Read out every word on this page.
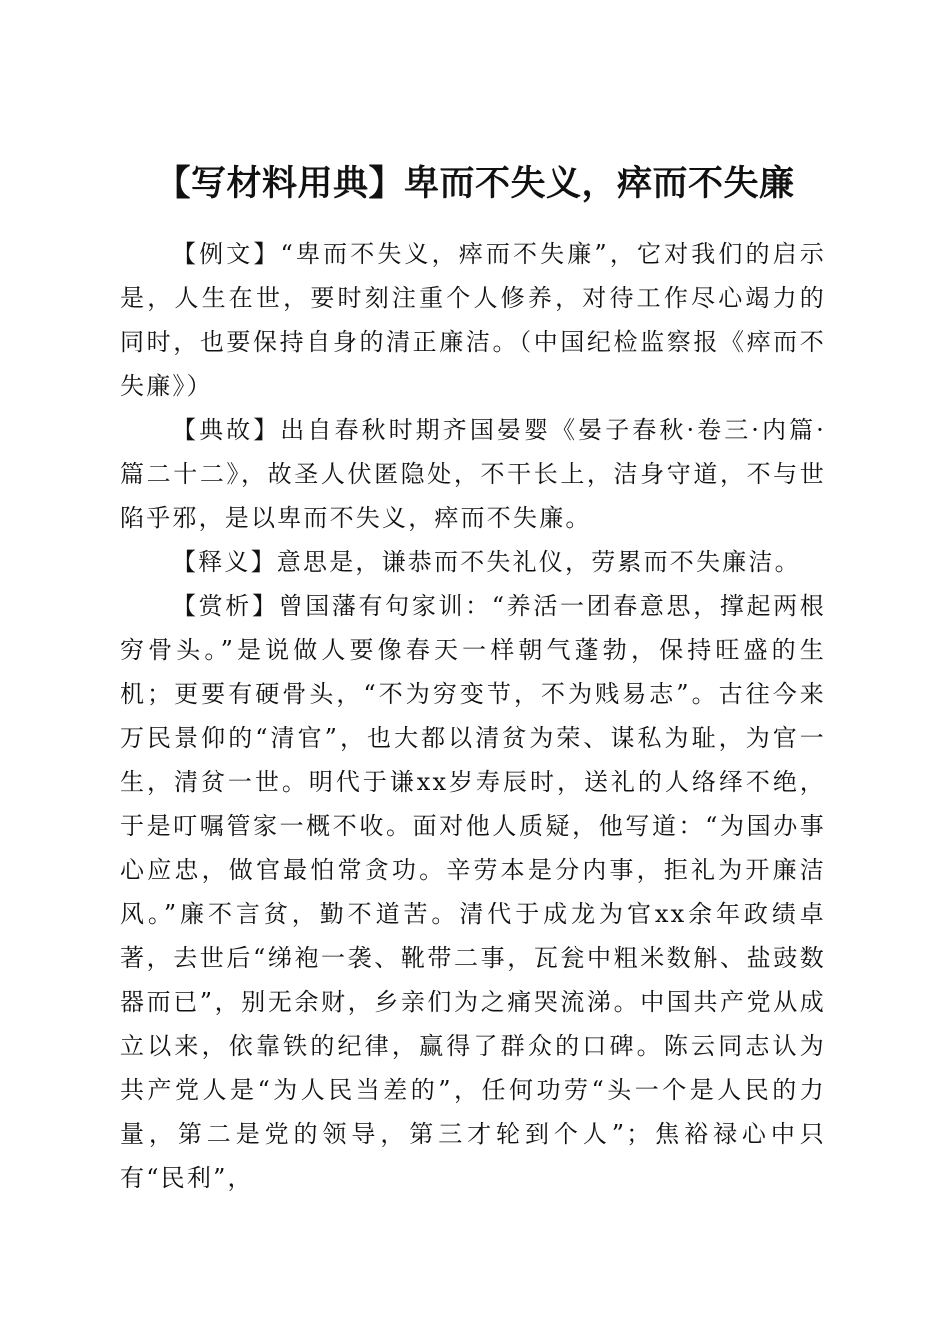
【写材料用典】卑而不失义，瘁而不失廉

【例文】“卑而不失义，瘁而不失廉”，它对我们的启示是，人生在世，要时刻注重个人修养，对待工作尽心竭力的同时，也要保持自身的清正廉洁。（中国纪检监察报《瘁而不失廉》）

【典故】出自春秋时期齐国晏婴《晏子春秋·卷三·内篇·篇二十二》，故圣人伏匿隐处，不干长上，洁身守道，不与世陷乎邪，是以卑而不失义，瘁而不失廉。

【释义】意思是，谦恭而不失礼仪，劳累而不失廉洁。

【赏析】曾国藩有句家训：“养活一团春意思，撑起两根穷骨头。”是说做人要像春天一样朝气蓬勃，保持旺盛的生机；更要有硬骨头，“不为穷变节，不为贱易志”。古往今来万民景仰的“清官”，也大都以清贫为荣、谋私为耻，为官一生，清贫一世。明代于谦xx岁寿辰时，送礼的人络绎不绝，于是叮嘱管家一概不收。面对他人质疑，他写道：“为国办事心应忠，做官最怕常贪功。辛劳本是分内事，拒礼为开廉洁风。”廉不言贫，勤不道苦。清代于成龙为官xx余年政绩卓著，去世后“绨袍一袭、靴带二事，瓦瓮中粗米数斛、盐豉数器而已”，别无余财，乡亲们为之痛哭流涕。中国共产党从成立以来，依靠铁的纪律，赢得了群众的口碑。陈云同志认为共产党人是“为人民当差的”，任何功劳“头一个是人民的力量，第二是党的领导，第三才轮到个人”；焦裕禄心中只有“民利”，
